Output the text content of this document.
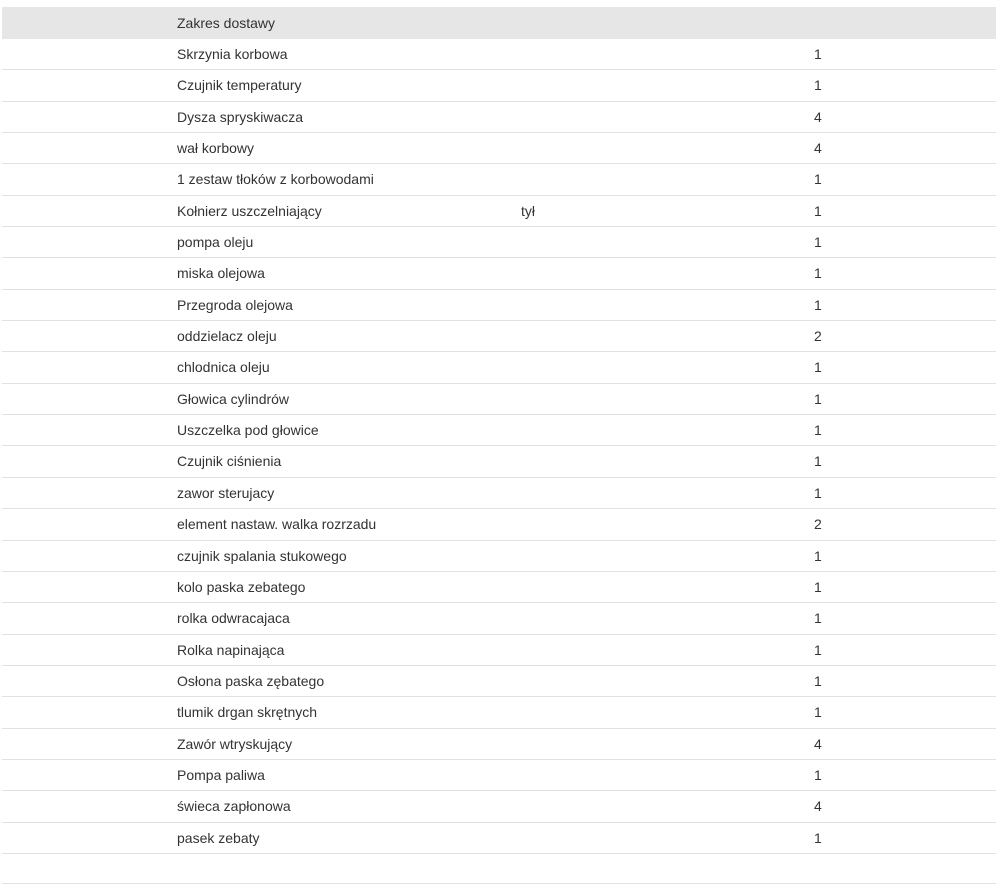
Zakres dostawy
Skrzynia korbowa	1
Czujnik temperatury	1
Dysza spryskiwacza	4
wał korbowy	4
1 zestaw tłoków z korbowodami	1
Kołnierz uszczelniający	tył	1
pompa oleju	1
miska olejowa	1
Przegroda olejowa	1
oddzielacz oleju	2
chlodnica oleju	1
Głowica cylindrów	1
Uszczelka pod głowice	1
Czujnik ciśnienia	1
zawor sterujacy	1
element nastaw. walka rozrzadu	2
czujnik spalania stukowego	1
kolo paska zebatego	1
rolka odwracajaca	1
Rolka napinająca	1
Osłona paska zębatego	1
tlumik drgan skrętnych	1
Zawór wtryskujący	4
Pompa paliwa	1
świeca zapłonowa	4
pasek zebaty	1
